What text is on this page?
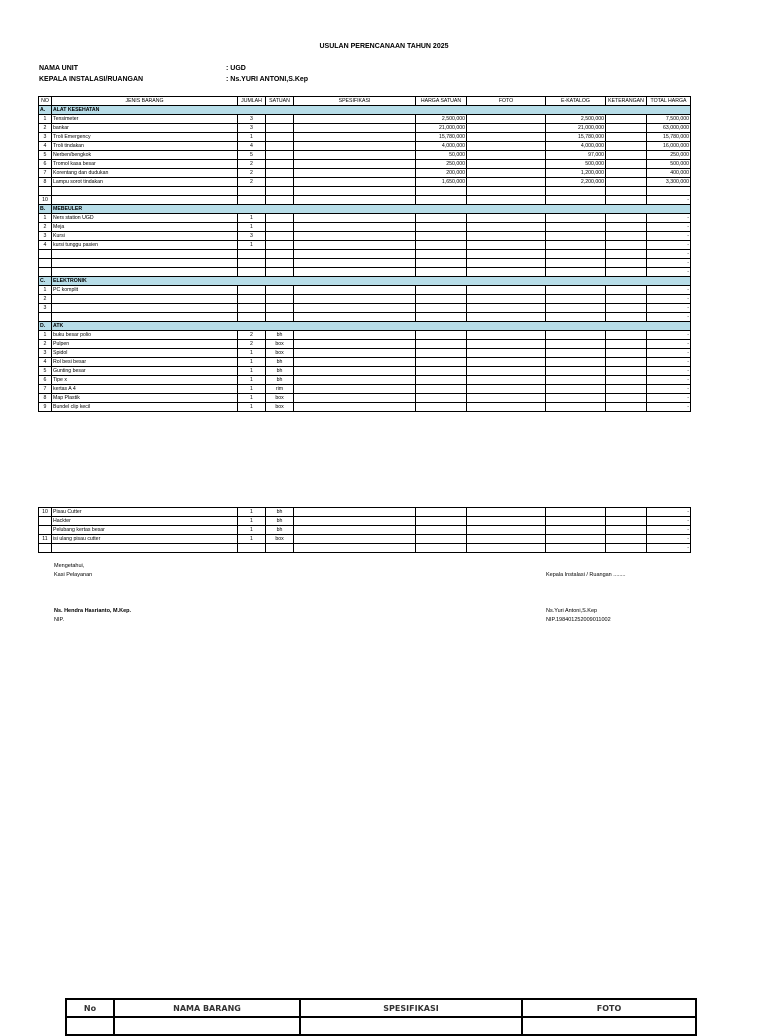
USULAN PERENCANAAN TAHUN 2025
NAMA UNIT	: UGD
KEPALA INSTALASI/RUANGAN	: Ns.YURI ANTONI,S.Kep
NO	JENIS BARANG	JUMLAH	SATUAN	SPESIFIKASI	HARGA SATUAN	FOTO	E-KATALOG	KETERANGAN	TOTAL HARGA
A.	ALAT KESEHATAN								
1	Tensimeter	3			2,500,000		2,500,000		7,500,000
2	bankar	3			21,000,000		21,000,000		63,000,000
3	Troli Emergency	1			15,780,000		15,780,000		15,780,000
4	Troli tindakan	4			4,000,000		4,000,000		16,000,000
5	Nerben/bengkok	5			50,000		97,000		250,000
6	Tromol kasa besar	2			250,000		500,000		500,000
7	Korentang dan dudukan	2			200,000		1,200,000		400,000
8	Lampu sorot tindakan	2			1,650,000		2,200,000		3,300,000

10									-
B.	MEBEULER								
1	Ners station UGD	1							-
2	Meja	1							-
3	Kursi	3							-
4	kursi tunggu pasien	1							-
									-
									-
									-
C.	ELEKTRONIK								
1	PC komplit								-
2									-
3									-
									-
D.	ATK								
1	buku besar polio	2	bh						-
2	Pulpen	2	box						-
3	Spidol	1	box						-
4	Rol besi besar	1	bh						-
5	Gunting besar	1	bh						-
6	Tipe x	1	bh						-
7	kertas A 4	1	rim						-
8	Map Plastik	1	box						-
9	Bundel clip kecil	1	box						-
10	Pisau Cutter	1	bh						-
	Hackter	1	bh						-
	Pelubang kertas besar	1	bh						-
11	isi ulang pisau cutter	1	box						-
									-
Mengetahui,
Kasi Pelayanan	Kepala Instalasi / Ruangan ........
Ns. Hendra Hasrianto, M.Kep.
NIP.
Ns.Yuri Antoni,S.Kep
NIP.198401252009011002
No	NAMA BARANG	SPESIFIKASI	FOTO
